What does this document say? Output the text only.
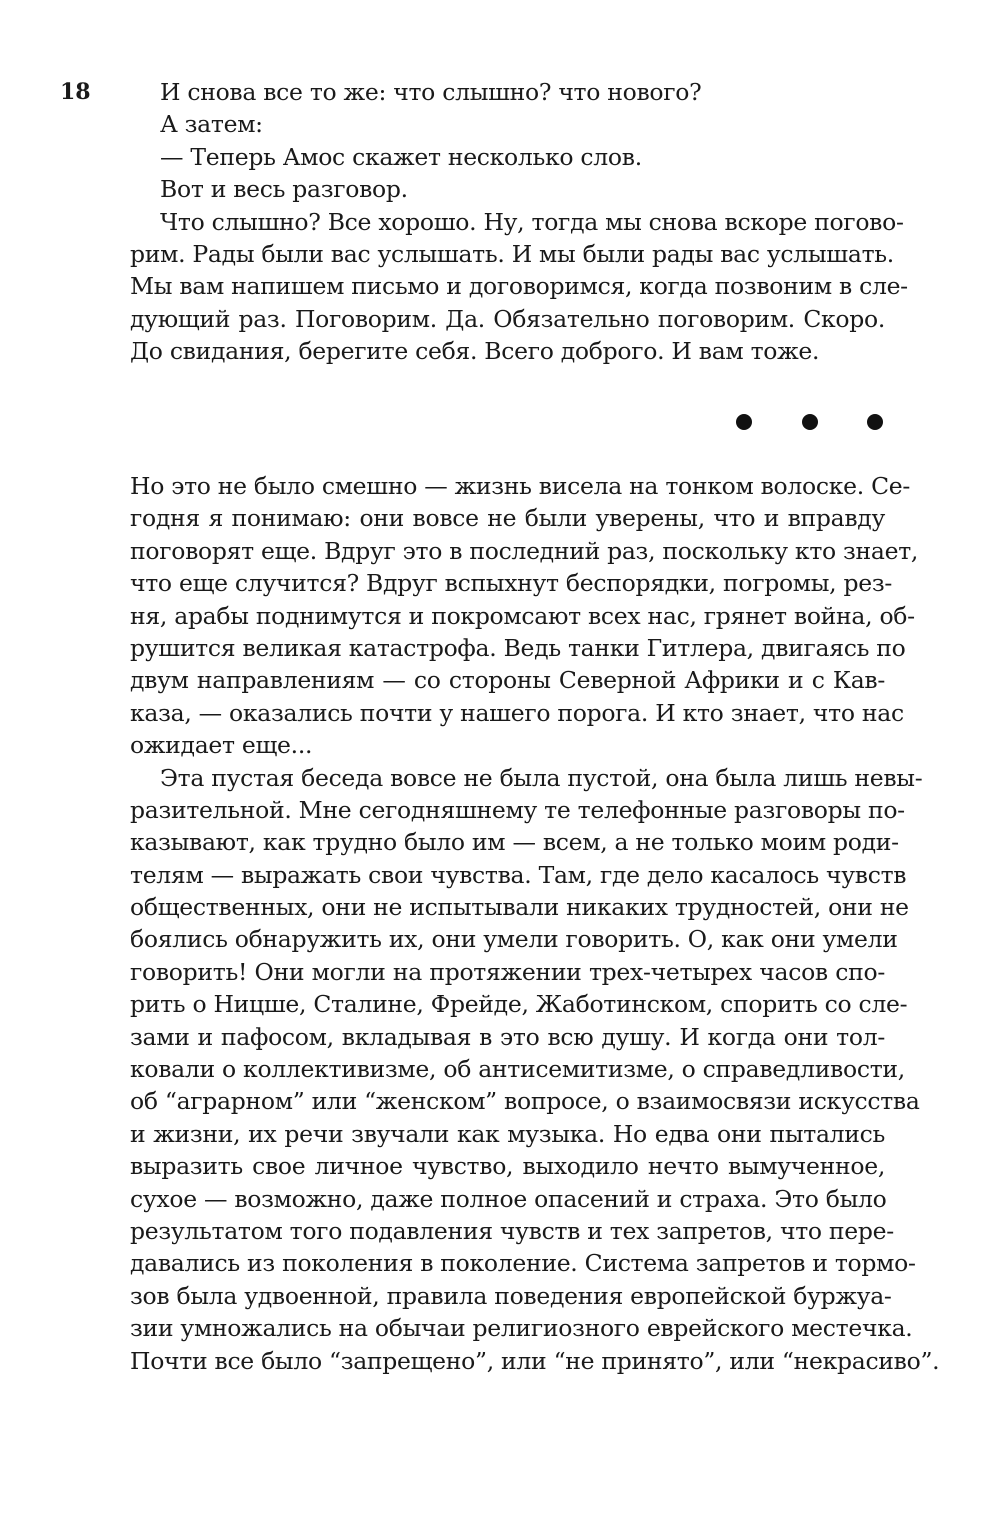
18	И снова все то же: что слышно? что нового?
А затем:
— Теперь Амос скажет несколько слов.
Вот и весь разговор.
Что слышно? Все хорошо. Ну, тогда мы снова вскоре погово-
рим. Рады были вас услышать. И мы были рады вас услышать.
Мы вам напишем письмо и договоримся, когда позвоним в сле-
дующий раз. Поговорим. Да. Обязательно поговорим. Скоро.
До свидания, берегите себя. Всего доброго. И вам тоже.
Но это не было смешно — жизнь висела на тонком волоске. Се-
годня я понимаю: они вовсе не были уверены, что и вправду
поговорят еще. Вдруг это в последний раз, поскольку кто знает,
что еще случится? Вдруг вспыхнут беспорядки, погромы, рез-
ня, арабы поднимутся и покромсают всех нас, грянет война, об-
рушится великая катастрофа. Ведь танки Гитлера, двигаясь по
двум направлениям — со стороны Северной Африки и с Кав-
каза, — оказались почти у нашего порога. И кто знает, что нас
ожидает еще...
Эта пустая беседа вовсе не была пустой, она была лишь невы-
разительной. Мне сегодняшнему те телефонные разговоры по-
казывают, как трудно было им — всем, а не только моим роди-
телям — выражать свои чувства. Там, где дело касалось чувств
общественных, они не испытывали никаких трудностей, они не
боялись обнаружить их, они умели говорить. О, как они умели
говорить! Они могли на протяжении трех-четырех часов спо-
рить о Ницше, Сталине, Фрейде, Жаботинском, спорить со сле-
зами и пафосом, вкладывая в это всю душу. И когда они тол-
ковали о коллективизме, об антисемитизме, о справедливости,
об “аграрном” или “женском” вопросе, о взаимосвязи искусства
и жизни, их речи звучали как музыка. Но едва они пытались
выразить свое личное чувство, выходило нечто вымученное,
сухое — возможно, даже полное опасений и страха. Это было
результатом того подавления чувств и тех запретов, что пере-
давались из поколения в поколение. Система запретов и тормо-
зов была удвоенной, правила поведения европейской буржуа-
зии умножались на обычаи религиозного еврейского местечка.
Почти все было “запрещено”, или “не принято”, или “некрасиво”.
